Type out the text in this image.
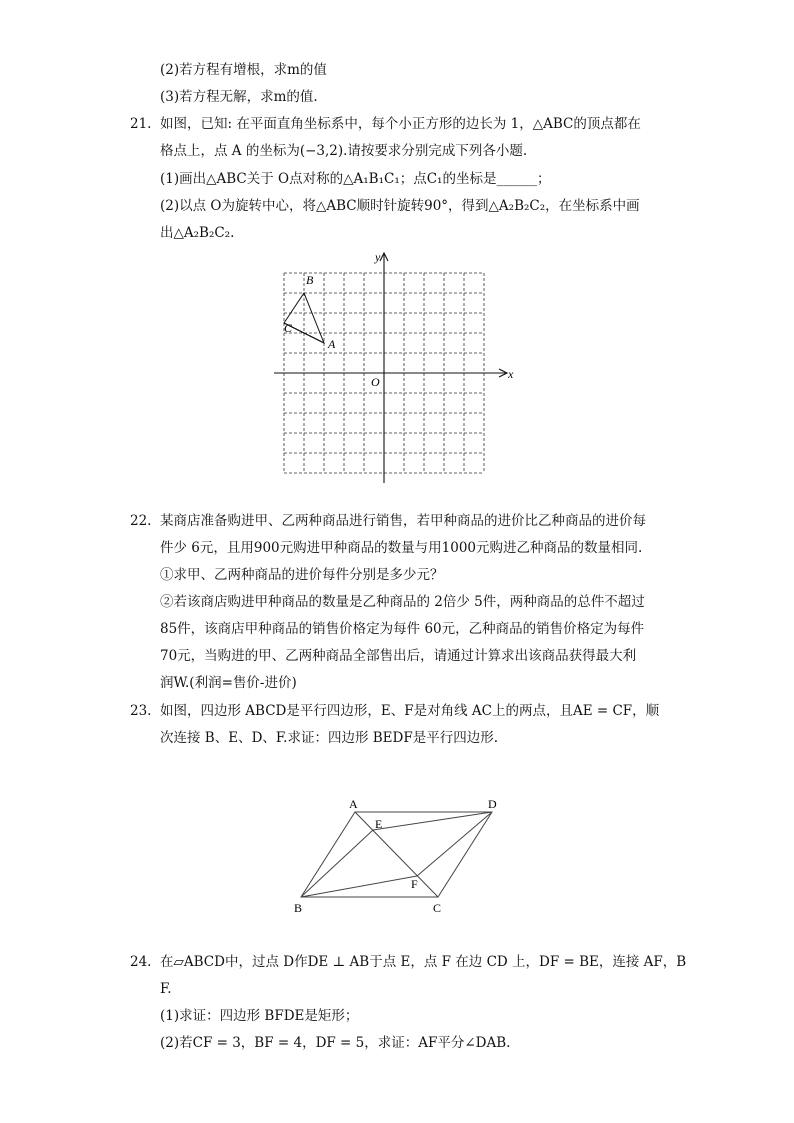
(2)若方程有增根，求m的值
(3)若方程无解，求m的值.
21. 如图，已知: 在平面直角坐标系中，每个小正方形的边长为 1，△ABC的顶点都在
格点上，点 A 的坐标为(−3,2).请按要求分别完成下列各小题.
(1)画出△ABC关于 O点对称的△A₁B₁C₁；点C₁的坐标是______；
(2)以点 O为旋转中心，将△ABC顺时针旋转90°，得到△A₂B₂C₂，在坐标系中画
出△A₂B₂C₂.
B
C
A
O
x
y
22. 某商店准备购进甲、乙两种商品进行销售，若甲种商品的进价比乙种商品的进价每
件少 6元，且用900元购进甲种商品的数量与用1000元购进乙种商品的数量相同.
①求甲、乙两种商品的进价每件分别是多少元？
②若该商店购进甲种商品的数量是乙种商品的 2倍少 5件，两种商品的总件不超过
85件，该商店甲种商品的销售价格定为每件 60元，乙种商品的销售价格定为每件
70元，当购进的甲、乙两种商品全部售出后，请通过计算求出该商品获得最大利
润W.(利润=售价-进价)
23. 如图，四边形 ABCD是平行四边形，E、F是对角线 AC上的两点，且AE = CF，顺
次连接 B、E、D、F.求证：四边形 BEDF是平行四边形.
A	D
E
F
B	C
24. 在▱ABCD中，过点 D作DE ⊥ AB于点 E，点 F 在边 CD 上，DF = BE，连接 AF，B
F.
(1)求证：四边形 BFDE是矩形；
(2)若CF = 3，BF = 4，DF = 5，求证：AF平分∠DAB.
